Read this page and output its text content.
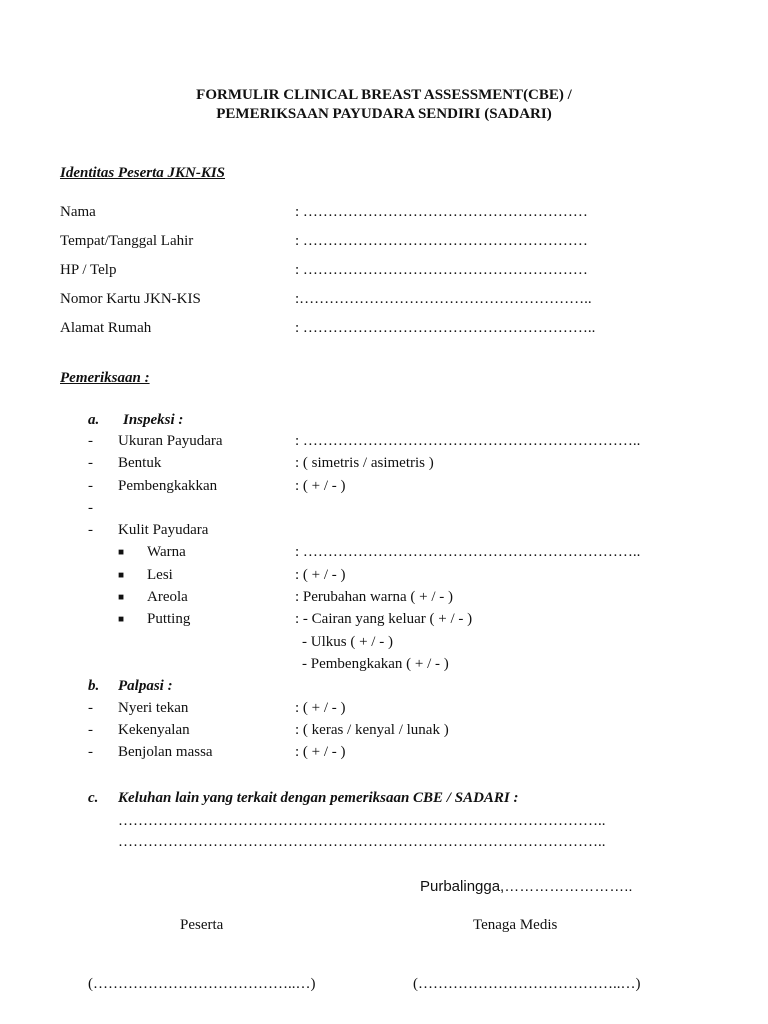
FORMULIR CLINICAL BREAST ASSESSMENT(CBE) /
PEMERIKSAAN PAYUDARA SENDIRI (SADARI)
Identitas Peserta JKN-KIS
Nama	: …………………………………………………
Tempat/Tanggal Lahir	: …………………………………………………
HP / Telp	: …………………………………………………
Nomor Kartu JKN-KIS	:…………………………………………………..
Alamat Rumah	: …………………………………………………..
Pemeriksaan :
a. Inspeksi :
- Ukuran Payudara	: …………………………………………………………..
- Bentuk	: ( simetris / asimetris )
- Pembengkakkan	: ( + / - )
-
- Kulit Payudara
■ Warna	: …………………………………………………………..
■ Lesi	: ( + / - )
■ Areola	: Perubahan warna ( + / - )
■ Putting	: - Cairan yang keluar ( + / - )
- Ulkus ( + / - )
- Pembengkakan ( + / - )
b. Palpasi :
- Nyeri tekan	: ( + / - )
- Kekenyalan	: ( keras / kenyal / lunak )
- Benjolan massa	: ( + / - )
c. Keluhan lain yang terkait dengan pemeriksaan CBE / SADARI :
……………………………………………………………………………………..
……………………………………………………………………………………..
Purbalingga,……………………..
Peserta	Tenaga Medis
(…………………………………..…)	(…………………………………..…)
